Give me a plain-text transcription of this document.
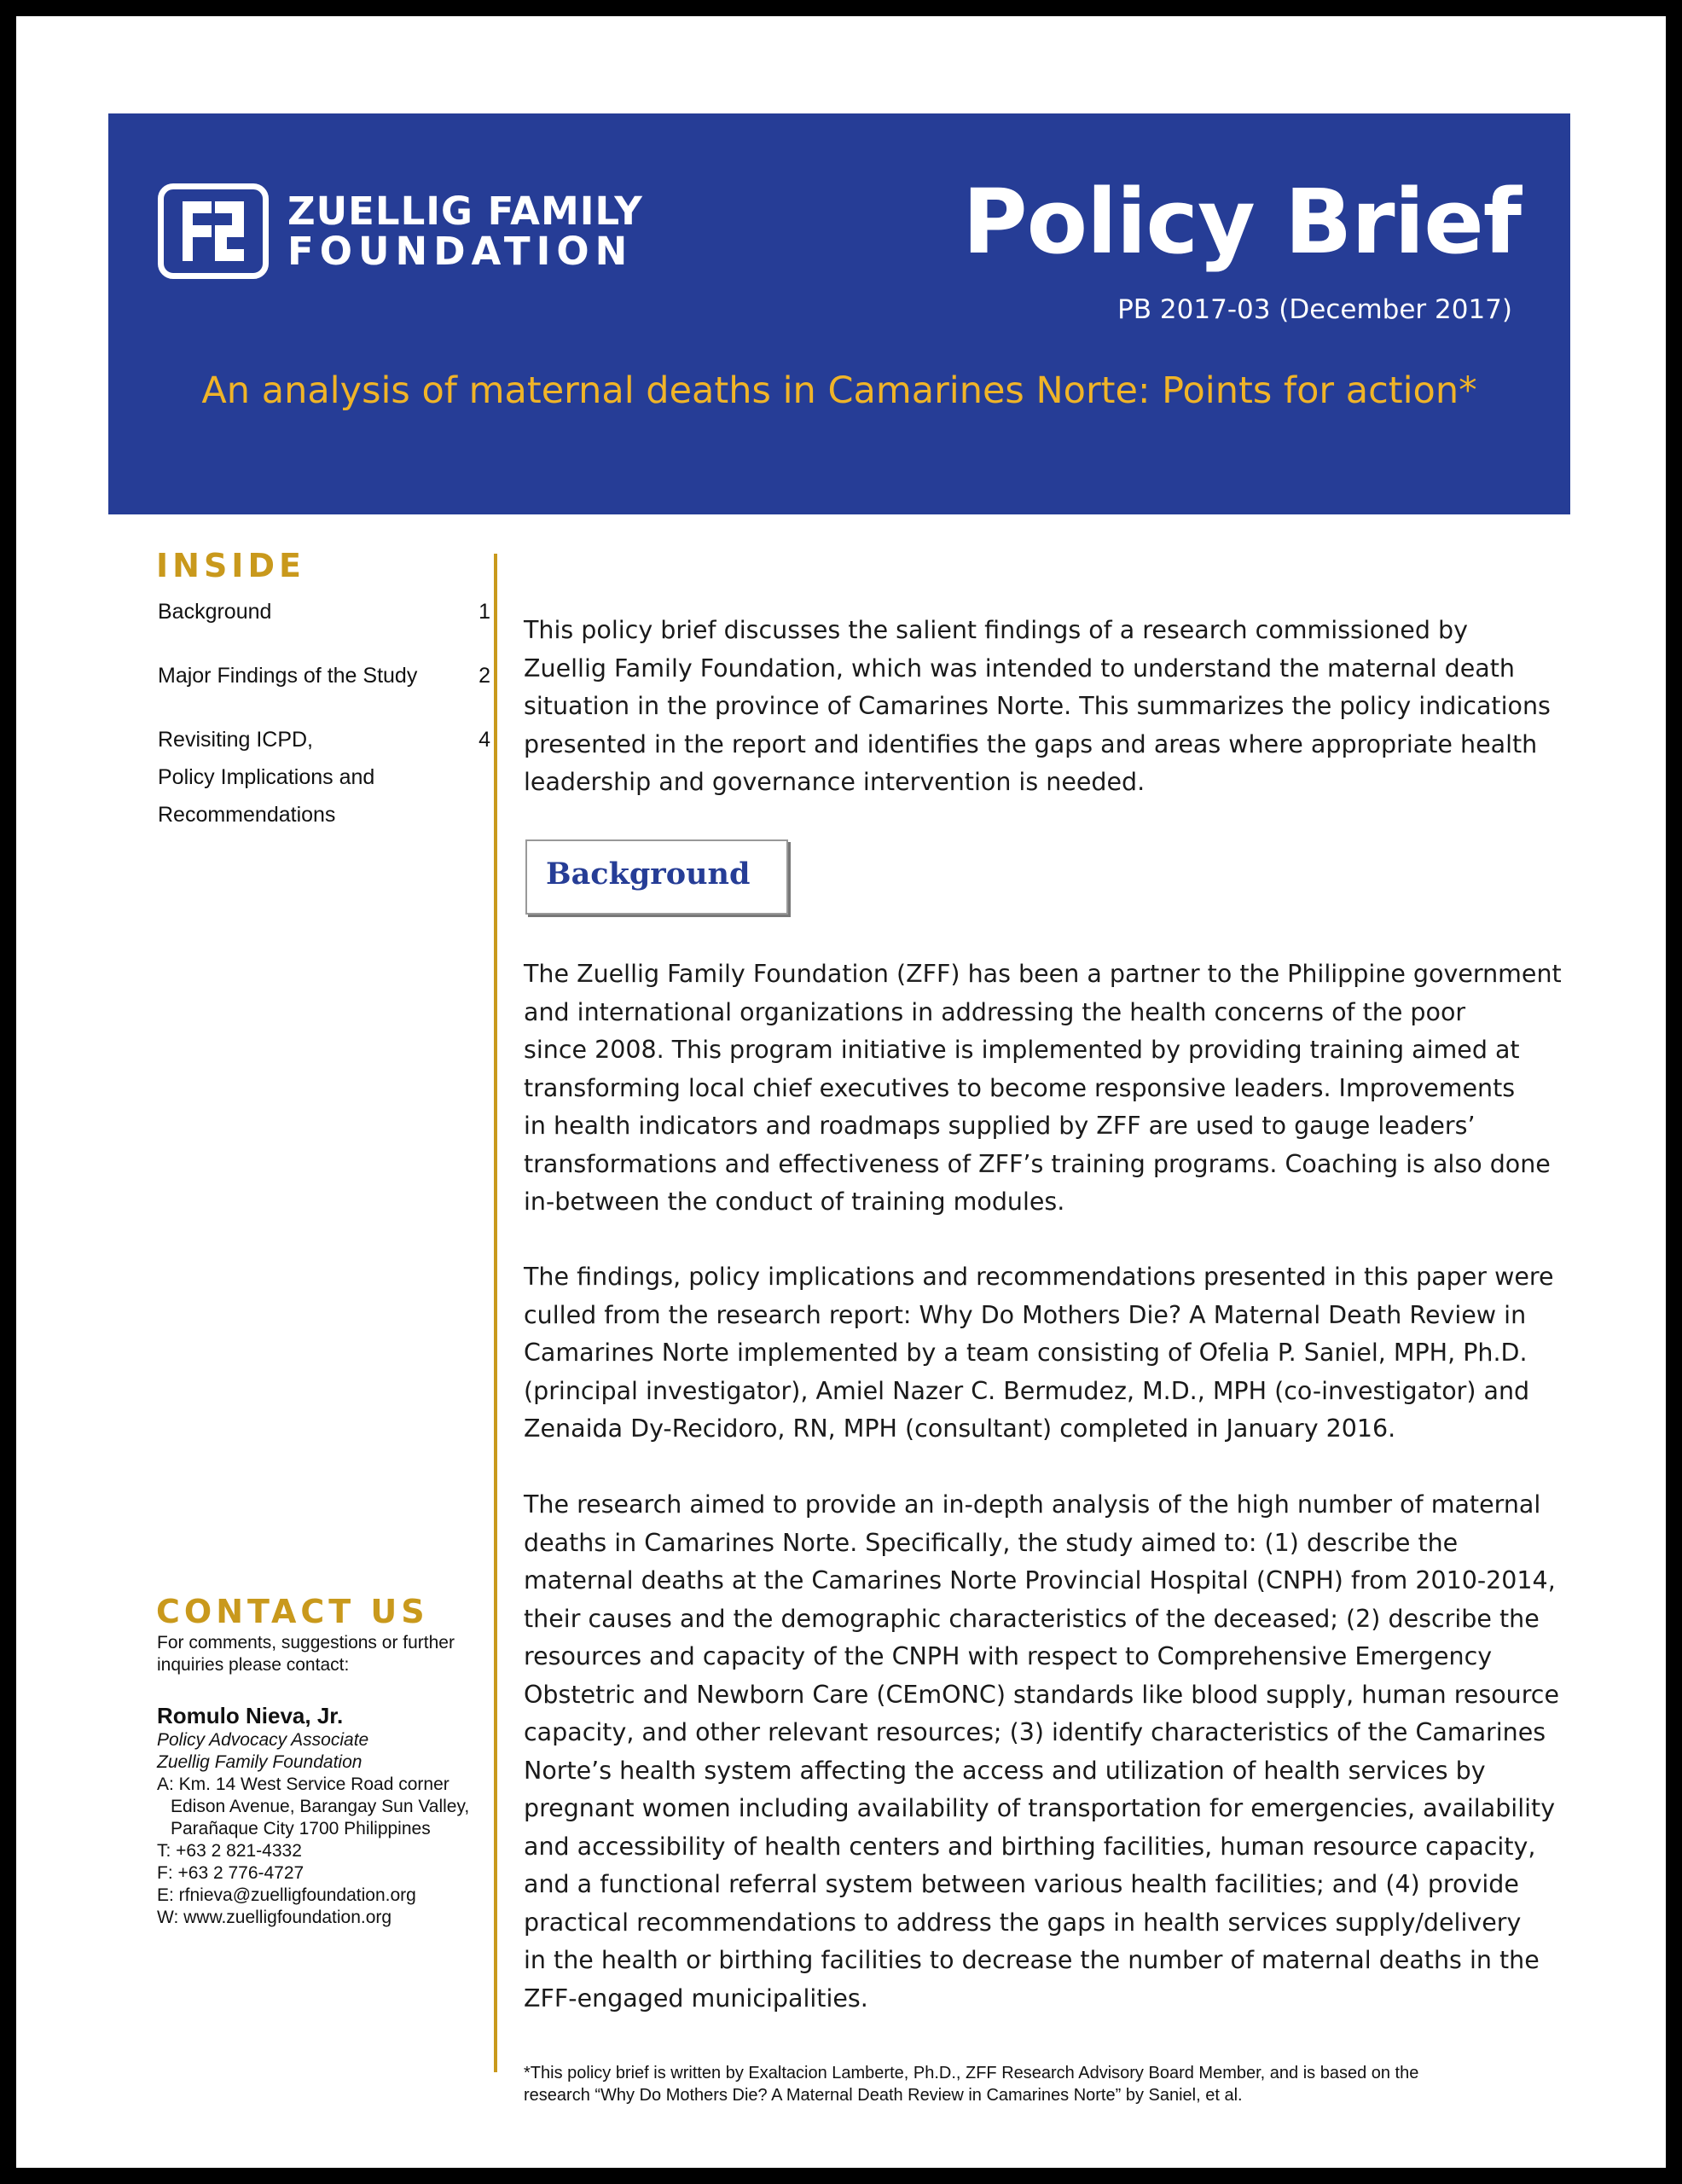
ZUELLIG FAMILY
FOUNDATION	Policy Brief
PB 2017-03 (December 2017)
An analysis of maternal deaths in Camarines Norte: Points for action*
INSIDE
Background	1
Major Findings of the Study	2
Revisiting ICPD,	4
Policy Implications and
Recommendations
This policy brief discusses the salient findings of a research commissioned by
Zuellig Family Foundation, which was intended to understand the maternal death
situation in the province of Camarines Norte. This summarizes the policy indications
presented in the report and identifies the gaps and areas where appropriate health
leadership and governance intervention is needed.
Background
The Zuellig Family Foundation (ZFF) has been a partner to the Philippine government
and international organizations in addressing the health concerns of the poor
since 2008. This program initiative is implemented by providing training aimed at
transforming local chief executives to become responsive leaders. Improvements
in health indicators and roadmaps supplied by ZFF are used to gauge leaders’
transformations and effectiveness of ZFF’s training programs. Coaching is also done
in-between the conduct of training modules.
The findings, policy implications and recommendations presented in this paper were
culled from the research report: Why Do Mothers Die? A Maternal Death Review in
Camarines Norte implemented by a team consisting of Ofelia P. Saniel, MPH, Ph.D.
(principal investigator), Amiel Nazer C. Bermudez, M.D., MPH (co-investigator) and
Zenaida Dy-Recidoro, RN, MPH (consultant) completed in January 2016.
The research aimed to provide an in-depth analysis of the high number of maternal
deaths in Camarines Norte. Specifically, the study aimed to: (1) describe the
maternal deaths at the Camarines Norte Provincial Hospital (CNPH) from 2010-2014,
their causes and the demographic characteristics of the deceased; (2) describe the
resources and capacity of the CNPH with respect to Comprehensive Emergency
Obstetric and Newborn Care (CEmONC) standards like blood supply, human resource
capacity, and other relevant resources; (3) identify characteristics of the Camarines
Norte’s health system affecting the access and utilization of health services by
pregnant women including availability of transportation for emergencies, availability
and accessibility of health centers and birthing facilities, human resource capacity,
and a functional referral system between various health facilities; and (4) provide
practical recommendations to address the gaps in health services supply/delivery
in the health or birthing facilities to decrease the number of maternal deaths in the
ZFF-engaged municipalities.
CONTACT US
For comments, suggestions or further inquiries please contact:
Romulo Nieva, Jr.
Policy Advocacy Associate
Zuellig Family Foundation
A: Km. 14 West Service Road corner
Edison Avenue, Barangay Sun Valley,
Parañaque City 1700 Philippines
T: +63 2 821-4332
F: +63 2 776-4727
E: rfnieva@zuelligfoundation.org
W: www.zuelligfoundation.org
*This policy brief is written by Exaltacion Lamberte, Ph.D., ZFF Research Advisory Board Member, and is based on the
research “Why Do Mothers Die? A Maternal Death Review in Camarines Norte” by Saniel, et al.
